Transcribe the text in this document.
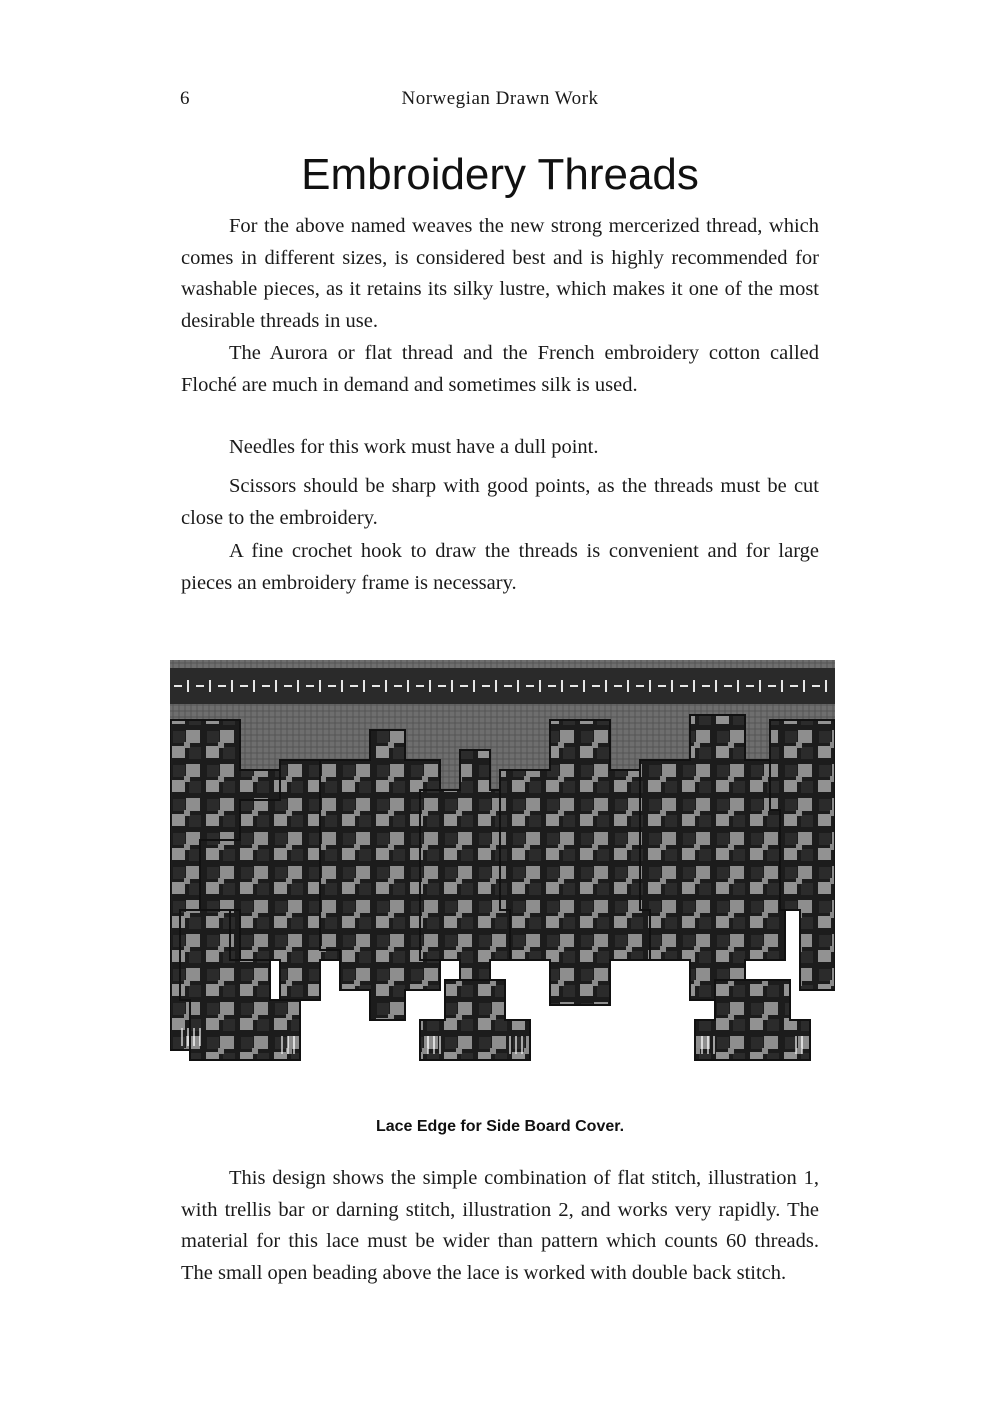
6	Norwegian Drawn Work
Embroidery Threads

For the above named weaves the new strong mercerized thread, which comes in different sizes, is considered best and is highly recommended for washable pieces, as it retains its silky lustre, which makes it one of the most desirable threads in use.

The Aurora or flat thread and the French embroidery cotton called Floché are much in demand and sometimes silk is used.

Needles for this work must have a dull point.

Scissors should be sharp with good points, as the threads must be cut close to the embroidery.

A fine crochet hook to draw the threads is convenient and for large pieces an embroidery frame is necessary.

Lace Edge for Side Board Cover.

This design shows the simple combination of flat stitch, illustration 1, with trellis bar or darning stitch, illustration 2, and works very rapidly. The material for this lace must be wider than pattern which counts 60 threads. The small open beading above the lace is worked with double back stitch.
